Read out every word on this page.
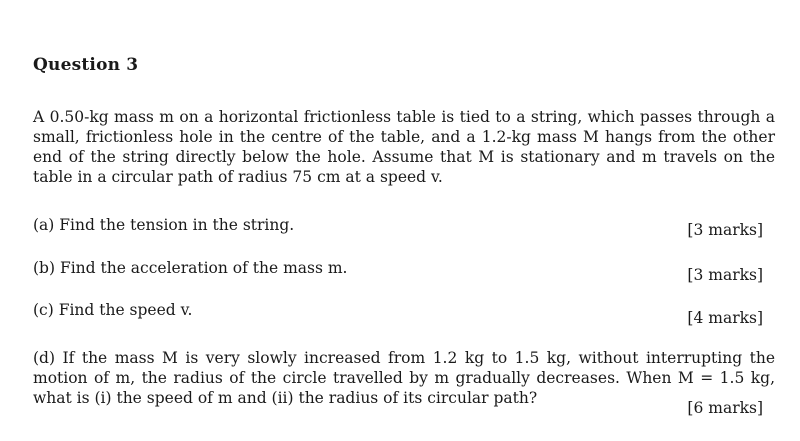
Question 3
A 0.50-kg mass m on a horizontal frictionless table is tied to a string, which passes through a small, frictionless hole in the centre of the table, and a 1.2-kg mass M hangs from the other end of the string directly below the hole. Assume that M is stationary and m travels on the table in a circular path of radius 75 cm at a speed v.
(a) Find the tension in the string.	[3 marks]
(b) Find the acceleration of the mass m.	[3 marks]
(c) Find the speed v.	[4 marks]
(d) If the mass M is very slowly increased from 1.2 kg to 1.5 kg, without interrupting the motion of m, the radius of the circle travelled by m gradually decreases. When M = 1.5 kg, what is (i) the speed of m and (ii) the radius of its circular path?
[6 marks]
